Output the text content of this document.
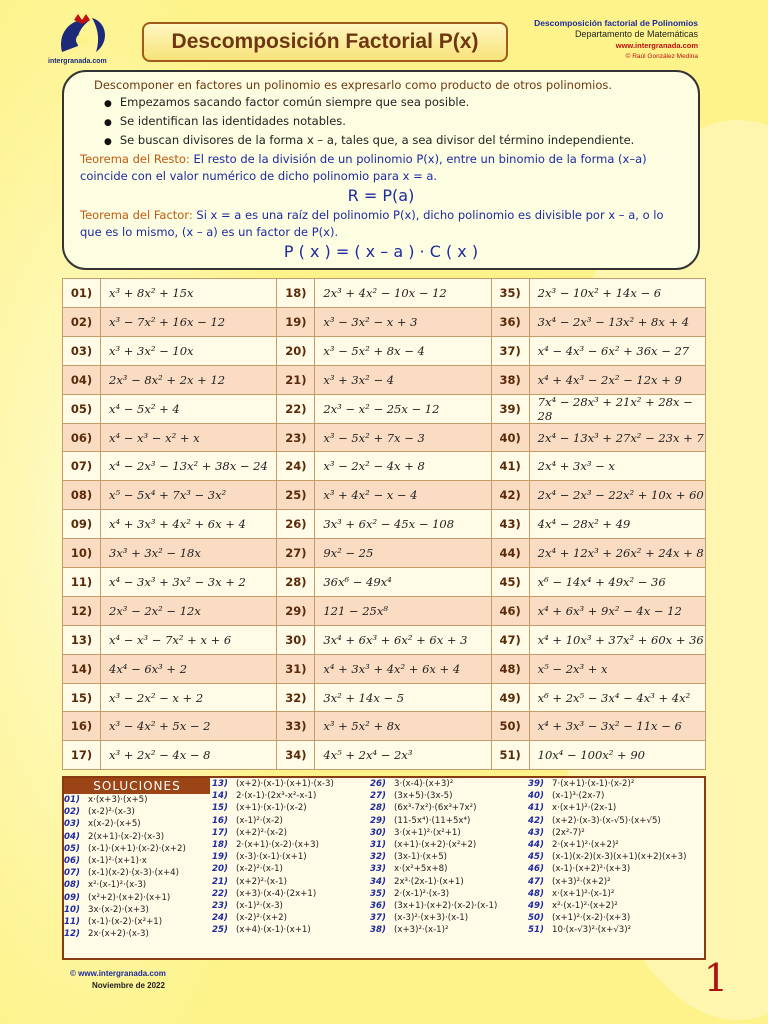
intergranada.com
Descomposición Factorial P(x)
Descomposición factorial de Polinomios
Departamento de Matemáticas
www.intergranada.com
© Raúl González Medina
Descomponer en factores un polinomio es expresarlo como producto de otros polinomios.
● Empezamos sacando factor común siempre que sea posible.
● Se identifican las identidades notables.
● Se buscan divisores de la forma x – a, tales que, a sea divisor del término independiente.
Teorema del Resto: El resto de la división de un polinomio P(x), entre un binomio de la forma (x–a) coincide con el valor numérico de dicho polinomio para x = a.
R = P(a)
Teorema del Factor: Si x = a es una raíz del polinomio P(x), dicho polinomio es divisible por x – a, o lo que es lo mismo, (x – a) es un factor de P(x).
P ( x ) = ( x – a ) · C ( x )
01)	x³ + 8x² + 15x	18)	2x³ + 4x² − 10x − 12	35)	2x³ − 10x² + 14x − 6
02)	x³ − 7x² + 16x − 12	19)	x³ − 3x² − x + 3	36)	3x⁴ − 2x³ − 13x² + 8x + 4
03)	x³ + 3x² − 10x	20)	x³ − 5x² + 8x − 4	37)	x⁴ − 4x³ − 6x² + 36x − 27
04)	2x³ − 8x² + 2x + 12	21)	x³ + 3x² − 4	38)	x⁴ + 4x³ − 2x² − 12x + 9
05)	x⁴ − 5x² + 4	22)	2x³ − x² − 25x − 12	39)	7x⁴ − 28x³ + 21x² + 28x − 28
06)	x⁴ − x³ − x² + x	23)	x³ − 5x² + 7x − 3	40)	2x⁴ − 13x³ + 27x² − 23x + 7
07)	x⁴ − 2x³ − 13x² + 38x − 24	24)	x³ − 2x² − 4x + 8	41)	2x⁴ + 3x³ − x
08)	x⁵ − 5x⁴ + 7x³ − 3x²	25)	x³ + 4x² − x − 4	42)	2x⁴ − 2x³ − 22x² + 10x + 60
09)	x⁴ + 3x³ + 4x² + 6x + 4	26)	3x³ + 6x² − 45x − 108	43)	4x⁴ − 28x² + 49
10)	3x³ + 3x² − 18x	27)	9x² − 25	44)	2x⁴ + 12x³ + 26x² + 24x + 8
11)	x⁴ − 3x³ + 3x² − 3x + 2	28)	36x⁶ − 49x⁴	45)	x⁶ − 14x⁴ + 49x² − 36
12)	2x³ − 2x² − 12x	29)	121 − 25x⁸	46)	x⁴ + 6x³ + 9x² − 4x − 12
13)	x⁴ − x³ − 7x² + x + 6	30)	3x⁴ + 6x³ + 6x² + 6x + 3	47)	x⁴ + 10x³ + 37x² + 60x + 36
14)	4x⁴ − 6x³ + 2	31)	x⁴ + 3x³ + 4x² + 6x + 4	48)	x⁵ − 2x³ + x
15)	x³ − 2x² − x + 2	32)	3x² + 14x − 5	49)	x⁶ + 2x⁵ − 3x⁴ − 4x³ + 4x²
16)	x³ − 4x² + 5x − 2	33)	x³ + 5x² + 8x	50)	x⁴ + 3x³ − 3x² − 11x − 6
17)	x³ + 2x² − 4x − 8	34)	4x⁵ + 2x⁴ − 2x³	51)	10x⁴ − 100x² + 90
SOLUCIONES
01) x·(x+3)·(x+5)
02) (x-2)²·(x-3)
03) x(x-2)·(x+5)
04) 2(x+1)·(x-2)·(x-3)
05) (x-1)·(x+1)·(x-2)·(x+2)
06) (x-1)²·(x+1)·x
07) (x-1)(x-2)·(x-3)·(x+4)
08) x²·(x-1)²·(x-3)
09) (x²+2)·(x+2)·(x+1)
10) 3x·(x-2)·(x+3)
11) (x-1)·(x-2)·(x²+1)
12) 2x·(x+2)·(x-3)
13) (x+2)·(x-1)·(x+1)·(x-3)
14) 2·(x-1)·(2x³-x²-x-1)
15) (x+1)·(x-1)·(x-2)
16) (x-1)²·(x-2)
17) (x+2)²·(x-2)
18) 2·(x+1)·(x-2)·(x+3)
19) (x-3)·(x-1)·(x+1)
20) (x-2)²·(x-1)
21) (x+2)²·(x-1)
22) (x+3)·(x-4)·(2x+1)
23) (x-1)²·(x-3)
24) (x-2)²·(x+2)
25) (x+4)·(x-1)·(x+1)
26) 3·(x-4)·(x+3)²
27) (3x+5)·(3x-5)
28) (6x³-7x²)·(6x³+7x²)
29) (11-5x⁴)·(11+5x⁴)
30) 3·(x+1)²·(x²+1)
31) (x+1)·(x+2)·(x²+2)
32) (3x-1)·(x+5)
33) x·(x²+5x+8)
34) 2x³·(2x-1)·(x+1)
35) 2·(x-1)²·(x-3)
36) (3x+1)·(x+2)·(x-2)·(x-1)
37) (x-3)²·(x+3)·(x-1)
38) (x+3)²·(x-1)²
39) 7·(x+1)·(x-1)·(x-2)²
40) (x-1)³·(2x-7)
41) x·(x+1)²·(2x-1)
42) (x+2)·(x-3)·(x-√5)·(x+√5)
43) (2x²-7)²
44) 2·(x+1)²·(x+2)²
45) (x-1)(x-2)(x-3)(x+1)(x+2)(x+3)
46) (x-1)·(x+2)²·(x+3)
47) (x+3)²·(x+2)²
48) x·(x+1)²·(x-1)²
49) x²·(x-1)²·(x+2)²
50) (x+1)²·(x-2)·(x+3)
51) 10·(x-√3)²·(x+√3)²
© www.intergranada.com
Noviembre de 2022	1
